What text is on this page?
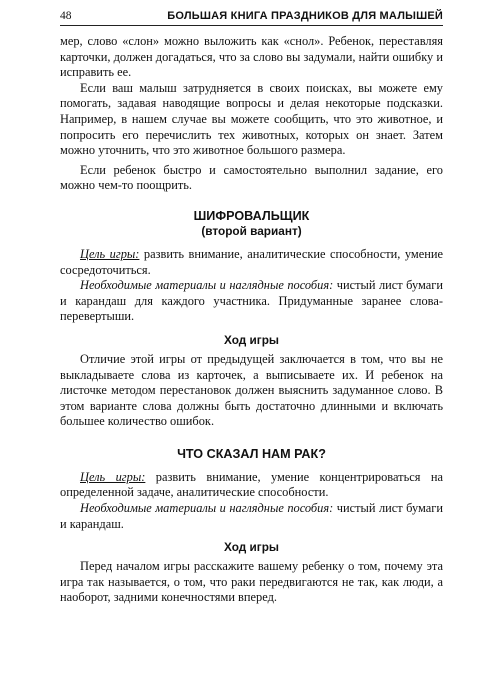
48	БОЛЬШАЯ КНИГА ПРАЗДНИКОВ ДЛЯ МАЛЫШЕЙ

мер, слово «слон» можно выложить как «снол». Ребенок, переставляя карточки, должен догадаться, что за слово вы задумали, найти ошибку и исправить ее.

Если ваш малыш затрудняется в своих поисках, вы можете ему помогать, задавая наводящие вопросы и делая некоторые подсказки. Например, в нашем случае вы можете сообщить, что это животное, и попросить его перечислить тех животных, которых он знает. Затем можно уточнить, что это животное большого размера.

Если ребенок быстро и самостоятельно выполнил задание, его можно чем-то поощрить.

ШИФРОВАЛЬЩИК
(второй вариант)

Цель игры: развить внимание, аналитические способности, умение сосредоточиться.

Необходимые материалы и наглядные пособия: чистый лист бумаги и карандаш для каждого участника. Придуманные заранее слова-перевертыши.

Ход игры

Отличие этой игры от предыдущей заключается в том, что вы не выкладываете слова из карточек, а выписываете их. И ребенок на листочке методом перестановок должен выяснить задуманное слово. В этом варианте слова должны быть достаточно длинными и включать большее количество ошибок.

ЧТО СКАЗАЛ НАМ РАК?

Цель игры: развить внимание, умение концентрироваться на определенной задаче, аналитические способности.

Необходимые материалы и наглядные пособия: чистый лист бумаги и карандаш.

Ход игры

Перед началом игры расскажите вашему ребенку о том, почему эта игра так называется, о том, что раки передвигаются не так, как люди, а наоборот, задними конечностями вперед.
